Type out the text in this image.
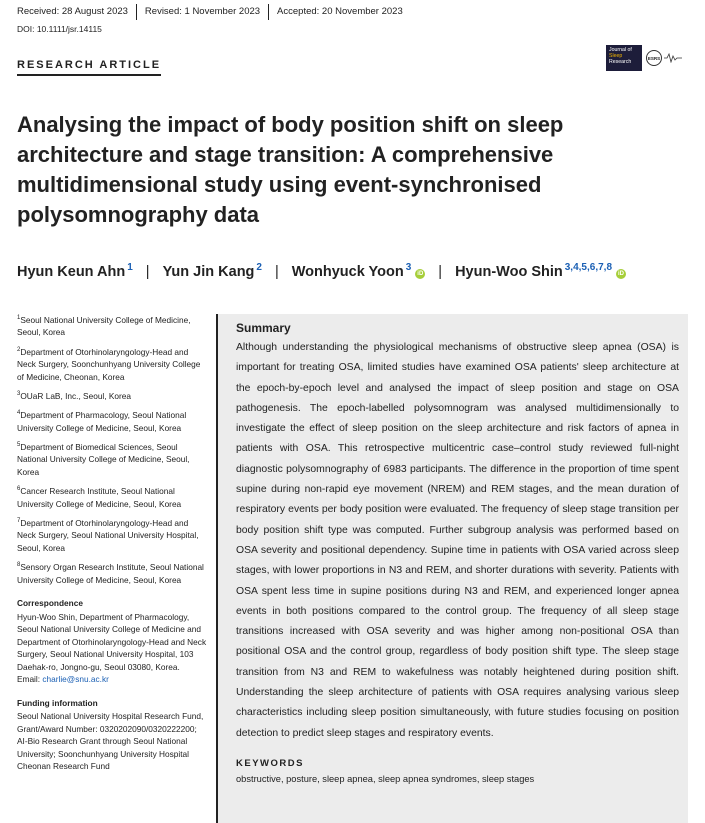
Received: 28 August 2023	Revised: 1 November 2023	Accepted: 20 November 2023
DOI: 10.1111/jsr.14115
Journal of
Sleep
Research
ESRS
RESEARCH ARTICLE
Analysing the impact of body position shift on sleep architecture and stage transition: A comprehensive multidimensional study using event-synchronised polysomnography data
Hyun Keun Ahn $^1$ | Yun Jin Kang $^2$ | Wonhyuck Yoon $^3$iD | Hyun-Woo Shin $^{3,4,5,6,7,8}$iD
$^1$Seoul National University College of Medicine, Seoul, Korea
$^2$Department of Otorhinolaryngology-Head and Neck Surgery, Soonchunhyang University College of Medicine, Cheonan, Korea
$^3$OUaR LaB, Inc., Seoul, Korea
$^4$Department of Pharmacology, Seoul National University College of Medicine, Seoul, Korea
$^5$Department of Biomedical Sciences, Seoul National University College of Medicine, Seoul, Korea
$^6$Cancer Research Institute, Seoul National University College of Medicine, Seoul, Korea
$^7$Department of Otorhinolaryngology-Head and Neck Surgery, Seoul National University Hospital, Seoul, Korea
$^8$Sensory Organ Research Institute, Seoul National University College of Medicine, Seoul, Korea
Correspondence
Hyun-Woo Shin, Department of Pharmacology, Seoul National University College of Medicine and Department of Otorhinolaryngology-Head and Neck Surgery, Seoul National University Hospital, 103 Daehak-ro, Jongno-gu, Seoul 03080, Korea.
Email: charlie@snu.ac.kr
Funding information
Seoul National University Hospital Research Fund, Grant/Award Number: 0320202090/0320222200; AI-Bio Research Grant through Seoul National University; Soonchunhyang University Hospital Cheonan Research Fund
Summary

Although understanding the physiological mechanisms of obstructive sleep apnea (OSA) is important for treating OSA, limited studies have examined OSA patients' sleep architecture at the epoch-by-epoch level and analysed the impact of sleep position and stage on OSA pathogenesis. The epoch-labelled polysomnogram was analysed multidimensionally to investigate the effect of sleep position on the sleep architecture and risk factors of apnea in patients with OSA. This retrospective multicentric case–control study reviewed full-night diagnostic polysomnography of 6983 participants. The difference in the proportion of time spent supine during non-rapid eye movement (NREM) and REM stages, and the mean duration of respiratory events per body position were evaluated. The frequency of sleep stage transition per body position shift type was computed. Further subgroup analysis was performed based on OSA severity and positional dependency. Supine time in patients with OSA varied across sleep stages, with lower proportions in N3 and REM, and shorter durations with severity. Patients with OSA spent less time in supine positions during N3 and REM, and experienced longer apnea events in both positions compared to the control group. The frequency of all sleep stage transitions increased with OSA severity and was higher among non-positional OSA than positional OSA and the control group, regardless of body position shift type. The sleep stage transition from N3 and REM to wakefulness was notably heightened during position shift. Understanding the sleep architecture of patients with OSA requires analysing various sleep characteristics including sleep position simultaneously, with future studies focusing on position detection to predict sleep stages and respiratory events.

KEYWORDS
obstructive, posture, sleep apnea, sleep apnea syndromes, sleep stages
